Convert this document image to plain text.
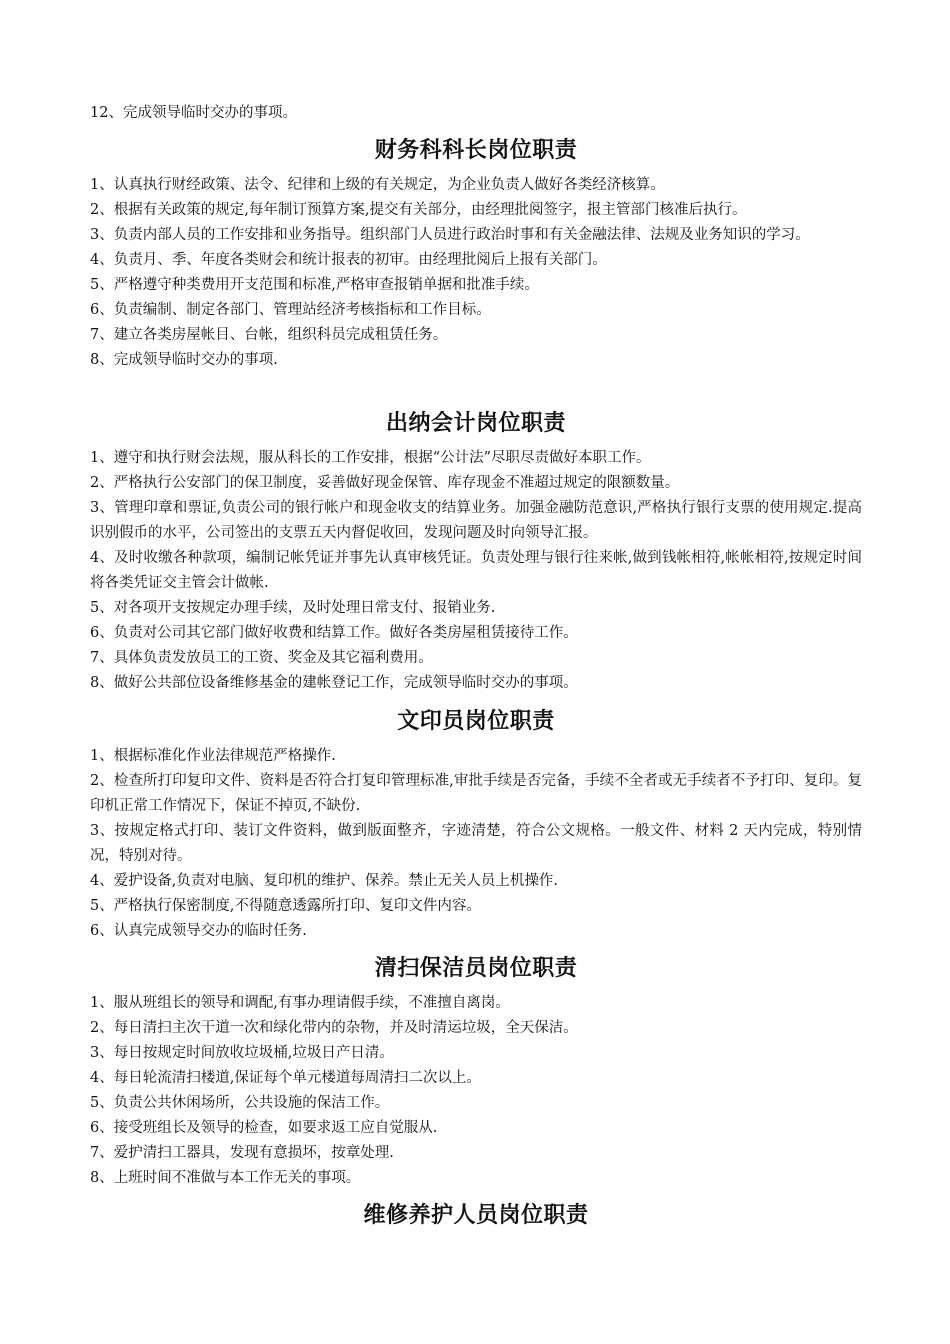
12、完成领导临时交办的事项。
财务科科长岗位职责

1、认真执行财经政策、法令、纪律和上级的有关规定，为企业负责人做好各类经济核算。

2、根据有关政策的规定,每年制订预算方案,提交有关部分，由经理批阅签字，报主管部门核准后执行。

3、负责内部人员的工作安排和业务指导。组织部门人员进行政治时事和有关金融法律、法规及业务知识的学习。

4、负责月、季、年度各类财会和统计报表的初审。由经理批阅后上报有关部门。

5、严格遵守种类费用开支范围和标准,严格审查报销单据和批准手续。

6、负责编制、制定各部门、管理站经济考核指标和工作目标。

7、建立各类房屋帐目、台帐，组织科员完成租赁任务。

8、完成领导临时交办的事项.

出纳会计岗位职责

1、遵守和执行财会法规，服从科长的工作安排，根据“公计法”尽职尽责做好本职工作。

2、严格执行公安部门的保卫制度，妥善做好现金保管、库存现金不准超过规定的限额数量。

3、管理印章和票证,负责公司的银行帐户和现金收支的结算业务。加强金融防范意识,严格执行银行支票的使用规定.提高识别假币的水平，公司签出的支票五天内督促收回，发现问题及时向领导汇报。

4、及时收缴各种款项，编制记帐凭证并事先认真审核凭证。负责处理与银行往来帐,做到钱帐相符,帐帐相符,按规定时间将各类凭证交主管会计做帐.

5、对各项开支按规定办理手续，及时处理日常支付、报销业务.

6、负责对公司其它部门做好收费和结算工作。做好各类房屋租赁接待工作。

7、具体负责发放员工的工资、奖金及其它福利费用。

8、做好公共部位设备维修基金的建帐登记工作，完成领导临时交办的事项。

文印员岗位职责

1、根据标准化作业法律规范严格操作.

2、检查所打印复印文件、资料是否符合打复印管理标准,审批手续是否完备，手续不全者或无手续者不予打印、复印。复印机正常工作情况下，保证不掉页,不缺份.

3、按规定格式打印、装订文件资料，做到版面整齐，字迹清楚，符合公文规格。一般文件、材料 2 天内完成，特别情况，特别对待。

4、爱护设备,负责对电脑、复印机的维护、保养。禁止无关人员上机操作.

5、严格执行保密制度,不得随意透露所打印、复印文件内容。

6、认真完成领导交办的临时任务.

清扫保洁员岗位职责

1、服从班组长的领导和调配,有事办理请假手续，不准擅自离岗。

2、每日清扫主次干道一次和绿化带内的杂物，并及时清运垃圾，全天保洁。

3、每日按规定时间放收垃圾桶,垃圾日产日清。

4、每日轮流清扫楼道,保证每个单元楼道每周清扫二次以上。

5、负责公共休闲场所，公共设施的保洁工作。

6、接受班组长及领导的检查，如要求返工应自觉服从.

7、爱护清扫工器具，发现有意损坏，按章处理.

8、上班时间不准做与本工作无关的事项。

维修养护人员岗位职责
